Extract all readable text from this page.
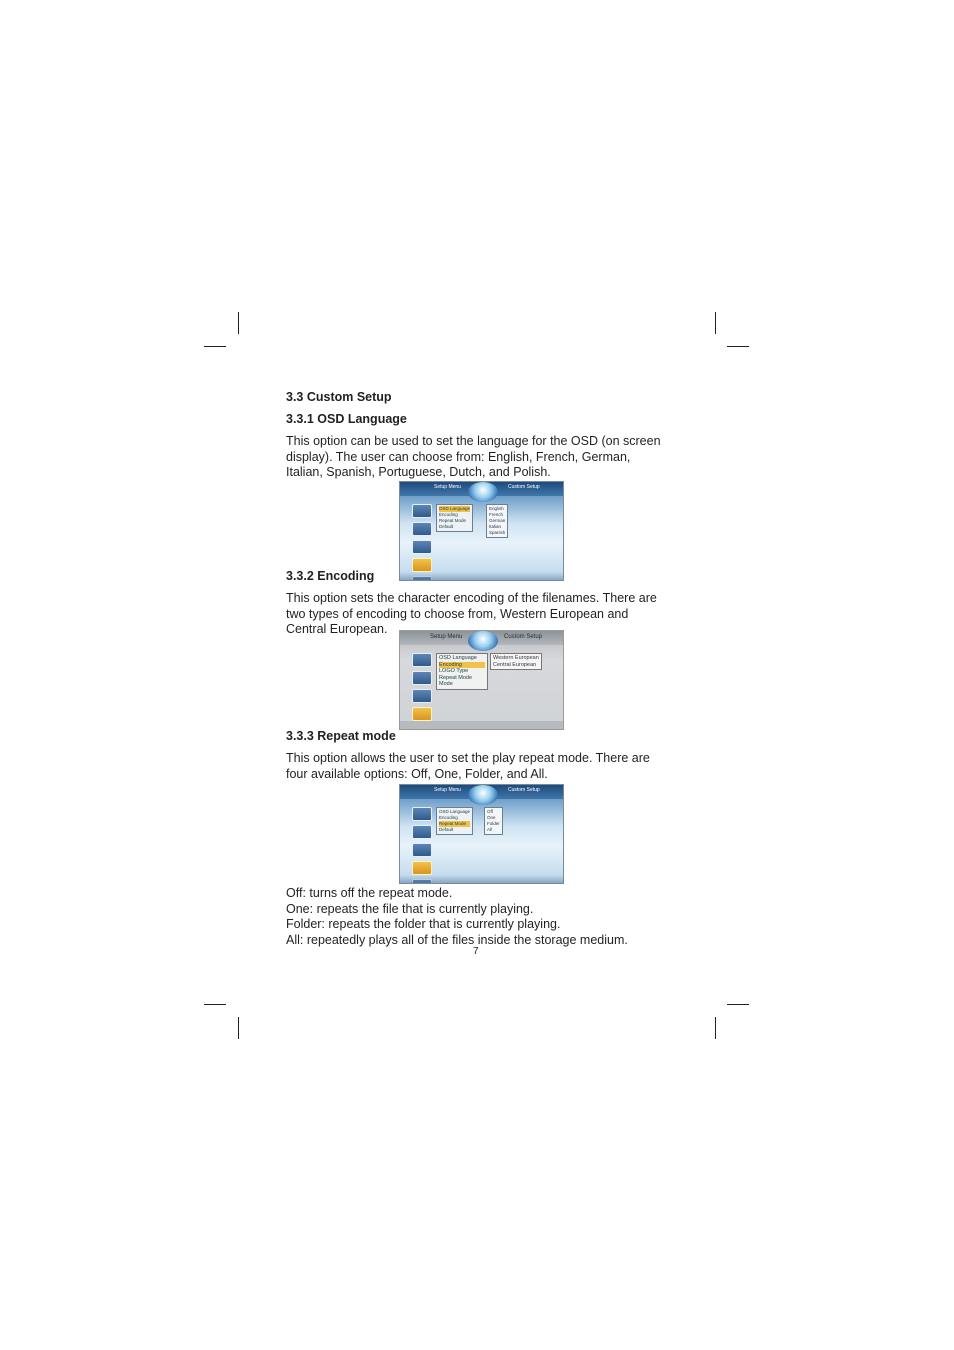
3.3 Custom Setup
3.3.1 OSD Language

This option can be used to set the language for the OSD (on screen
display). The user can choose from: English, French, German,
Italian, Spanish, Portuguese, Dutch, and Polish.

Setup Menu	Custom Setup
OSD Language
Encoding
Repeat Mode
Default
English
French
German
Italian
Spanish
3.3.2 Encoding

This option sets the character encoding of the filenames. There are
two types of encoding to choose from, Western European and
Central European.

Setup Menu	Custom Setup
OSD Language
Encoding
LOGO Type
Repeat Mode
Mode
Western European
Central European
3.3.3 Repeat mode

This option allows the user to set the play repeat mode. There are
four available options: Off, One, Folder, and All.

Setup Menu	Custom Setup
OSD Language
Encoding
Repeat Mode
Default
Off
One
Folder
All

Off: turns off the repeat mode.
One: repeats the file that is currently playing.
Folder: repeats the folder that is currently playing.
All: repeatedly plays all of the files inside the storage medium.

7
